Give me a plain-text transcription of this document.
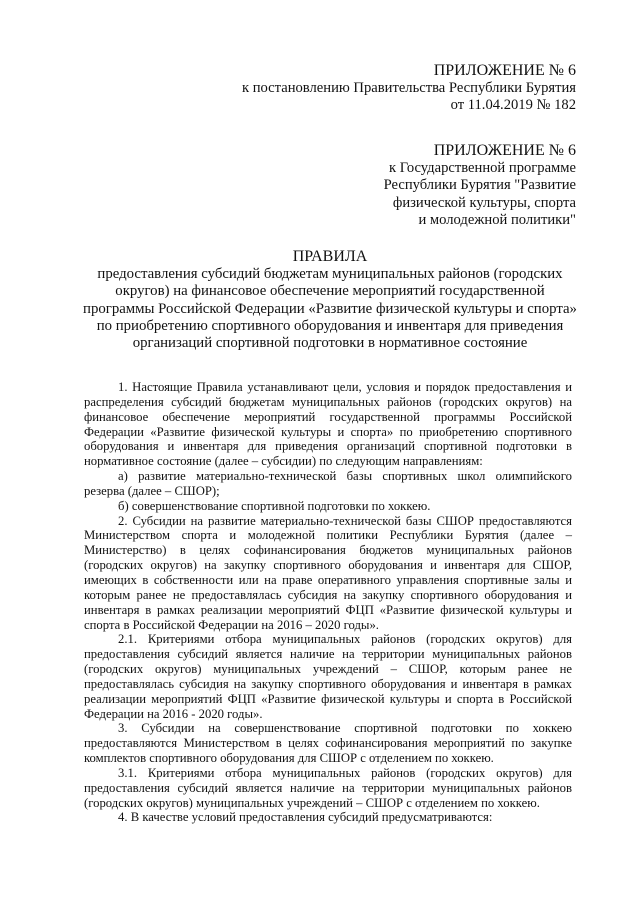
ПРИЛОЖЕНИЕ № 6
к постановлению Правительства Республики Бурятия
от 11.04.2019 № 182
ПРИЛОЖЕНИЕ № 6
к Государственной программе
Республики Бурятия "Развитие
физической культуры, спорта
и молодежной политики"
ПРАВИЛА
предоставления субсидий бюджетам муниципальных районов (городских округов) на финансовое обеспечение мероприятий государственной программы Российской Федерации «Развитие физической культуры и спорта» по приобретению спортивного оборудования и инвентаря для приведения организаций спортивной подготовки в нормативное состояние

1. Настоящие Правила устанавливают цели, условия и порядок предоставления и распределения субсидий бюджетам муниципальных районов (городских округов) на финансовое обеспечение мероприятий государственной программы Российской Федерации «Развитие физической культуры и спорта» по приобретению спортивного оборудования и инвентаря для приведения организаций спортивной подготовки в нормативное состояние (далее – субсидии) по следующим направлениям:

а) развитие материально-технической базы спортивных школ олимпийского резерва (далее – СШОР);

б) совершенствование спортивной подготовки по хоккею.

2. Субсидии на развитие материально-технической базы СШОР предоставляются Министерством спорта и молодежной политики Республики Бурятия (далее – Министерство) в целях софинансирования бюджетов муниципальных районов (городских округов) на закупку спортивного оборудования и инвентаря для СШОР, имеющих в собственности или на праве оперативного управления спортивные залы и которым ранее не предоставлялась субсидия на закупку спортивного оборудования и инвентаря в рамках реализации мероприятий ФЦП «Развитие физической культуры и спорта в Российской Федерации на 2016 – 2020 годы».

2.1. Критериями отбора муниципальных районов (городских округов) для предоставления субсидий является наличие на территории муниципальных районов (городских округов) муниципальных учреждений – СШОР, которым ранее не предоставлялась субсидия на закупку спортивного оборудования и инвентаря в рамках реализации мероприятий ФЦП «Развитие физической культуры и спорта в Российской Федерации на 2016 - 2020 годы».

3. Субсидии на совершенствование спортивной подготовки по хоккею предоставляются Министерством в целях софинансирования мероприятий по закупке комплектов спортивного оборудования для СШОР с отделением по хоккею.

3.1. Критериями отбора муниципальных районов (городских округов) для предоставления субсидий является наличие на территории муниципальных районов (городских округов) муниципальных учреждений – СШОР с отделением по хоккею.

4. В качестве условий предоставления субсидий предусматриваются:
